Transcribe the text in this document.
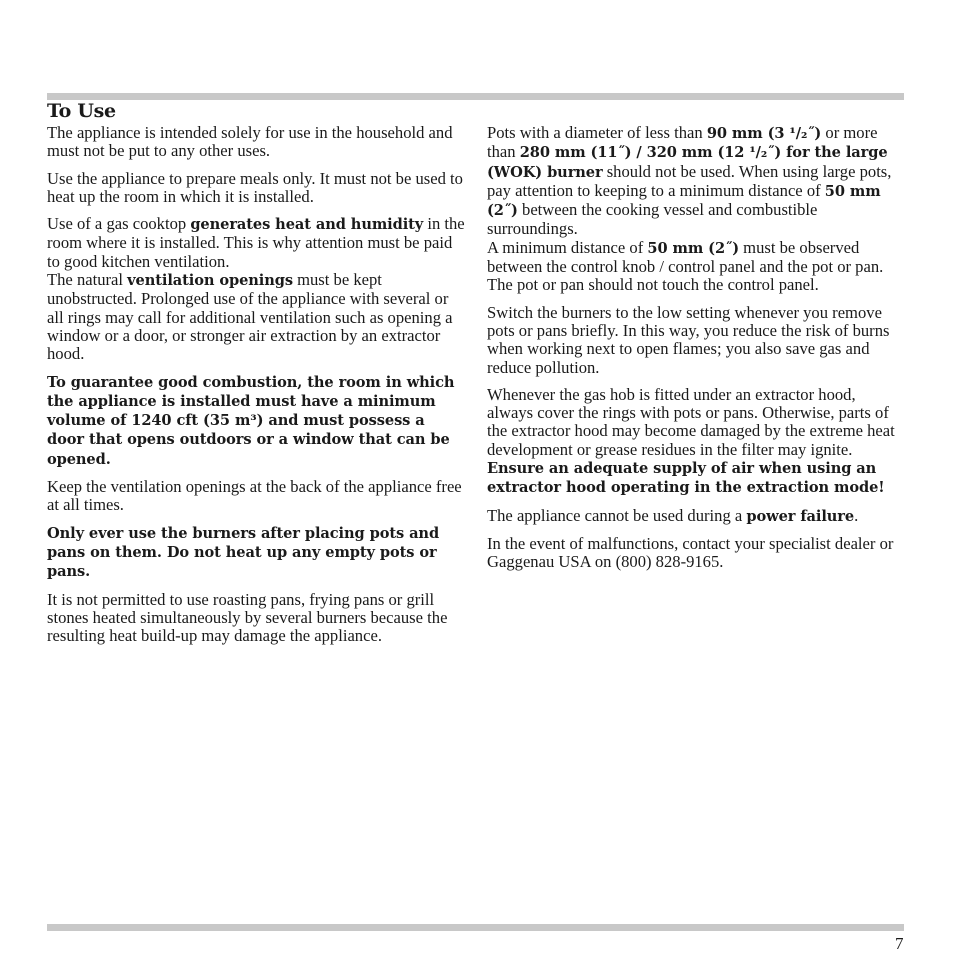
To Use

The appliance is intended solely for use in the household and must not be put to any other uses.

Use the appliance to prepare meals only. It must not be used to heat up the room in which it is installed.

Use of a gas cooktop generates heat and humidity in the room where it is installed. This is why attention must be paid to good kitchen ventilation.

The natural ventilation openings must be kept unobstructed. Prolonged use of the appliance with several or all rings may call for additional ventilation such as opening a window or a door, or stronger air extraction by an extractor hood.

To guarantee good combustion, the room in which the appliance is installed must have a minimum volume of 1240 cft (35 m³) and must possess a door that opens outdoors or a window that can be opened.

Keep the ventilation openings at the back of the appliance free at all times.

Only ever use the burners after placing pots and pans on them. Do not heat up any empty pots or pans.

It is not permitted to use roasting pans, frying pans or grill stones heated simultaneously by several burners because the resulting heat build-up may damage the appliance.

Pots with a diameter of less than 90 mm (3 ¹/₂˝) or more than 280 mm (11˝) / 320 mm (12 ¹/₂˝) for the large (WOK) burner should not be used. When using large pots, pay attention to keeping to a minimum distance of 50 mm (2˝) between the cooking vessel and combustible surroundings.

A minimum distance of 50 mm (2˝) must be observed between the control knob / control panel and the pot or pan. The pot or pan should not touch the control panel.

Switch the burners to the low setting whenever you remove pots or pans briefly. In this way, you reduce the risk of burns when working next to open flames; you also save gas and reduce pollution.

Whenever the gas hob is fitted under an extractor hood, always cover the rings with pots or pans. Otherwise, parts of the extractor hood may become damaged by the extreme heat development or grease residues in the filter may ignite.

Ensure an adequate supply of air when using an extractor hood operating in the extraction mode!

The appliance cannot be used during a power failure.

In the event of malfunctions, contact your specialist dealer or Gaggenau USA on (800) 828-9165.

7
